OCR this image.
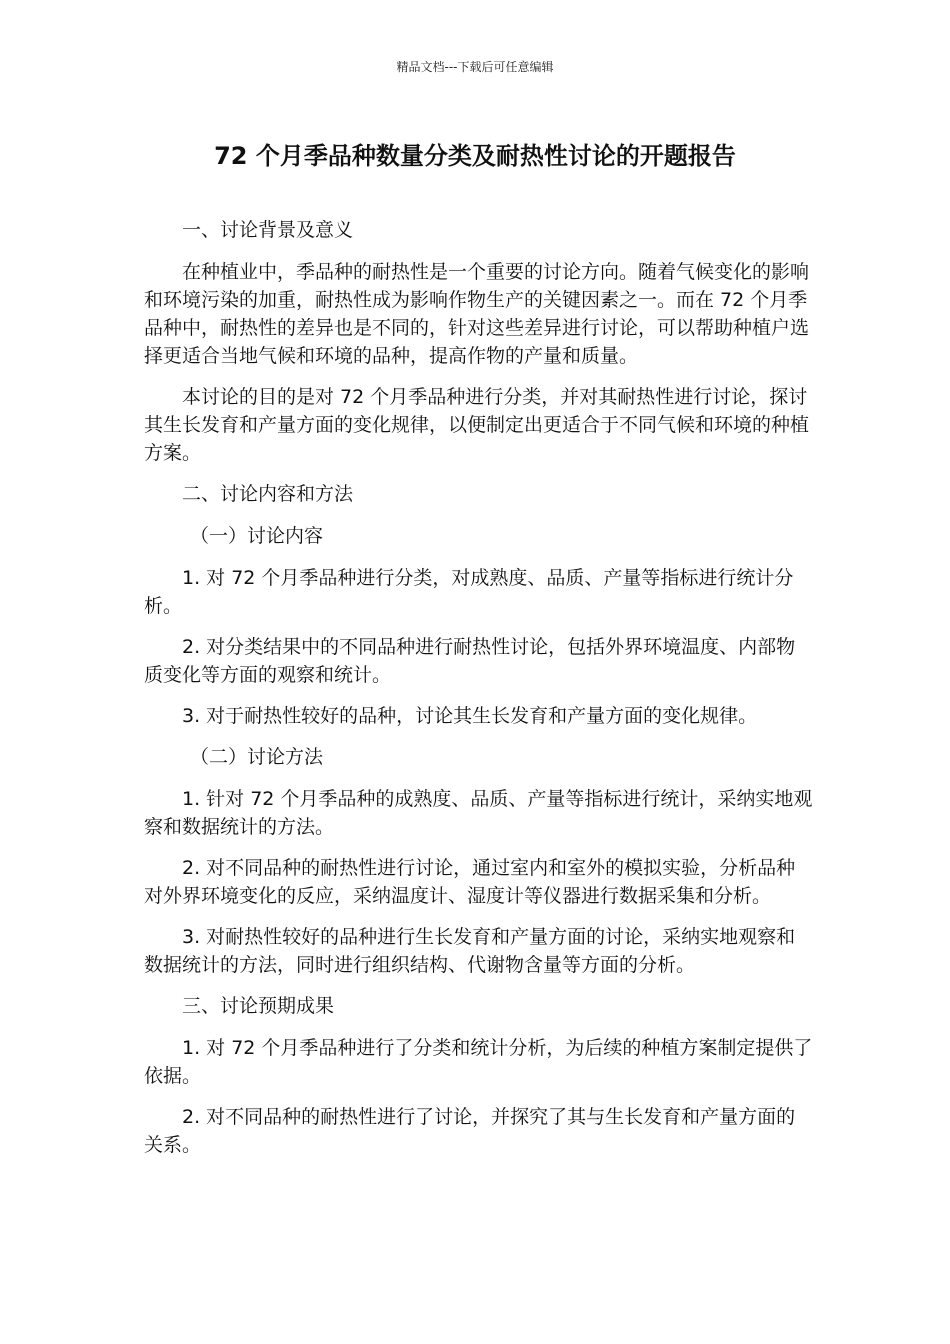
精品文档---下载后可任意编辑
72 个月季品种数量分类及耐热性讨论的开题报告

一、讨论背景及意义

在种植业中，季品种的耐热性是一个重要的讨论方向。随着气候变化的影响和环境污染的加重，耐热性成为影响作物生产的关键因素之一。而在 72 个月季品种中，耐热性的差异也是不同的，针对这些差异进行讨论，可以帮助种植户选择更适合当地气候和环境的品种，提高作物的产量和质量。

本讨论的目的是对 72 个月季品种进行分类，并对其耐热性进行讨论，探讨其生长发育和产量方面的变化规律，以便制定出更适合于不同气候和环境的种植方案。

二、讨论内容和方法

（一）讨论内容

1. 对 72 个月季品种进行分类，对成熟度、品质、产量等指标进行统计分析。

2. 对分类结果中的不同品种进行耐热性讨论，包括外界环境温度、内部物质变化等方面的观察和统计。

3. 对于耐热性较好的品种，讨论其生长发育和产量方面的变化规律。

（二）讨论方法

1. 针对 72 个月季品种的成熟度、品质、产量等指标进行统计，采纳实地观察和数据统计的方法。

2. 对不同品种的耐热性进行讨论，通过室内和室外的模拟实验，分析品种对外界环境变化的反应，采纳温度计、湿度计等仪器进行数据采集和分析。

3. 对耐热性较好的品种进行生长发育和产量方面的讨论，采纳实地观察和数据统计的方法，同时进行组织结构、代谢物含量等方面的分析。

三、讨论预期成果

1. 对 72 个月季品种进行了分类和统计分析，为后续的种植方案制定提供了依据。

2. 对不同品种的耐热性进行了讨论，并探究了其与生长发育和产量方面的关系。
